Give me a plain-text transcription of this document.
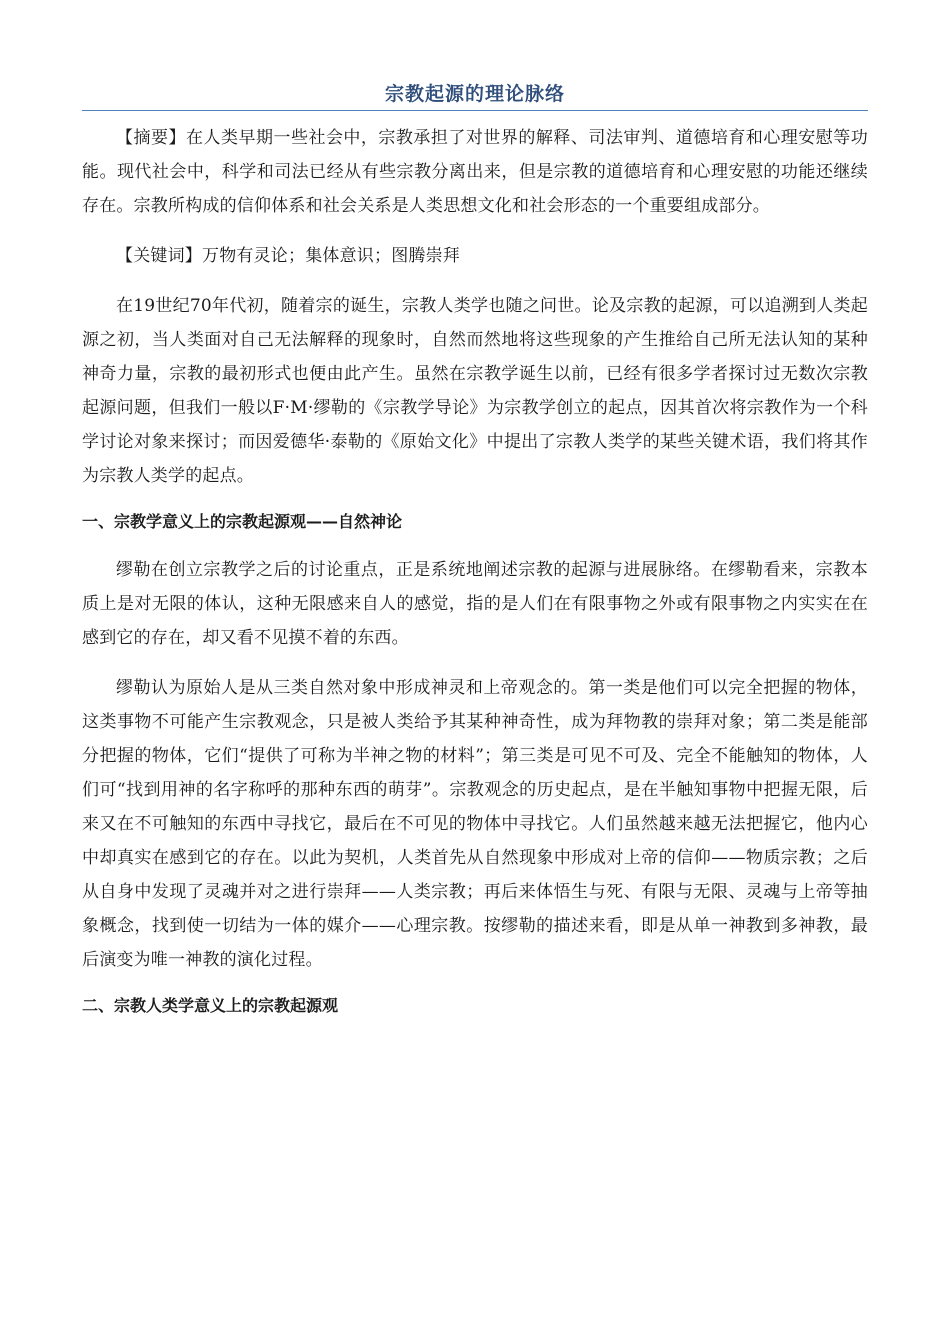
宗教起源的理论脉络

【摘要】在人类早期一些社会中，宗教承担了对世界的解释、司法审判、道德培育和心理安慰等功能。现代社会中，科学和司法已经从有些宗教分离出来，但是宗教的道德培育和心理安慰的功能还继续存在。宗教所构成的信仰体系和社会关系是人类思想文化和社会形态的一个重要组成部分。

【关键词】万物有灵论；集体意识；图腾崇拜

在19世纪70年代初，随着宗的诞生，宗教人类学也随之问世。论及宗教的起源，可以追溯到人类起源之初，当人类面对自己无法解释的现象时，自然而然地将这些现象的产生推给自己所无法认知的某种神奇力量，宗教的最初形式也便由此产生。虽然在宗教学诞生以前，已经有很多学者探讨过无数次宗教起源问题，但我们一般以F·M·缪勒的《宗教学导论》为宗教学创立的起点，因其首次将宗教作为一个科学讨论对象来探讨；而因爱德华·泰勒的《原始文化》中提出了宗教人类学的某些关键术语，我们将其作为宗教人类学的起点。

一、宗教学意义上的宗教起源观——自然神论

缪勒在创立宗教学之后的讨论重点，正是系统地阐述宗教的起源与进展脉络。在缪勒看来，宗教本质上是对无限的体认，这种无限感来自人的感觉，指的是人们在有限事物之外或有限事物之内实实在在感到它的存在，却又看不见摸不着的东西。

缪勒认为原始人是从三类自然对象中形成神灵和上帝观念的。第一类是他们可以完全把握的物体，这类事物不可能产生宗教观念，只是被人类给予其某种神奇性，成为拜物教的崇拜对象；第二类是能部分把握的物体，它们“提供了可称为半神之物的材料”；第三类是可见不可及、完全不能触知的物体，人们可“找到用神的名字称呼的那种东西的萌芽”。宗教观念的历史起点，是在半触知事物中把握无限，后来又在不可触知的东西中寻找它，最后在不可见的物体中寻找它。人们虽然越来越无法把握它，他内心中却真实在感到它的存在。以此为契机，人类首先从自然现象中形成对上帝的信仰——物质宗教；之后从自身中发现了灵魂并对之进行崇拜——人类宗教；再后来体悟生与死、有限与无限、灵魂与上帝等抽象概念，找到使一切结为一体的媒介——心理宗教。按缪勒的描述来看，即是从单一神教到多神教，最后演变为唯一神教的演化过程。

二、宗教人类学意义上的宗教起源观
